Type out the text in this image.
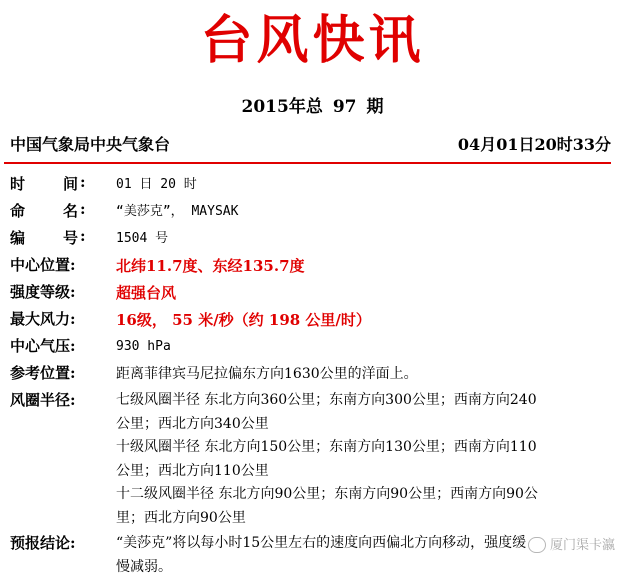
台风快讯
2015年总 97 期
中国气象局中央气象台	04月01日20时33分
时	间 : 01 日 20 时
命	名 : “美莎克”， MAYSAK
编	号 : 1504 号
中心位置:	北纬11.7度、东经135.7度
强度等级:	超强台风
最大风力:	16级， 55 米/秒（约 198 公里/时）
中心气压:	930 hPa
参考位置:	距离菲律宾马尼拉偏东方向1630公里的洋面上。
风圈半径:	七级风圈半径 东北方向360公里；东南方向300公里；西南方向240
公里；西北方向340公里
十级风圈半径 东北方向150公里；东南方向130公里；西南方向110
公里；西北方向110公里
十二级风圈半径 东北方向90公里；东南方向90公里；西南方向90公
里；西北方向90公里
预报结论:	“美莎克”将以每小时15公里左右的速度向西偏北方向移动，强度缓
慢减弱。
厦门渠卡瀛
